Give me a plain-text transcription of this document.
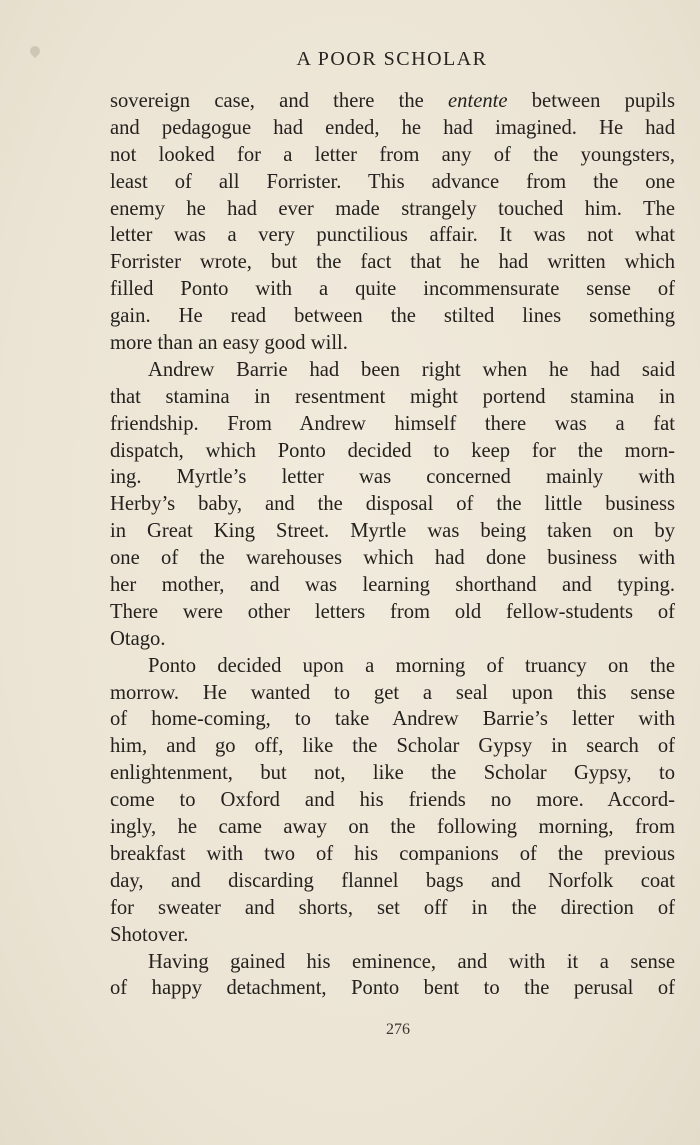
A POOR SCHOLAR
sovereign case, and there the entente between pupils
and pedagogue had ended, he had imagined. He had
not looked for a letter from any of the youngsters,
least of all Forrister. This advance from the one
enemy he had ever made strangely touched him. The
letter was a very punctilious affair. It was not what
Forrister wrote, but the fact that he had written which
filled Ponto with a quite incommensurate sense of
gain. He read between the stilted lines something
more than an easy good will.
Andrew Barrie had been right when he had said
that stamina in resentment might portend stamina in
friendship. From Andrew himself there was a fat
dispatch, which Ponto decided to keep for the morn-
ing. Myrtle’s letter was concerned mainly with
Herby’s baby, and the disposal of the little business
in Great King Street. Myrtle was being taken on by
one of the warehouses which had done business with
her mother, and was learning shorthand and typing.
There were other letters from old fellow-students of
Otago.
Ponto decided upon a morning of truancy on the
morrow. He wanted to get a seal upon this sense
of home-coming, to take Andrew Barrie’s letter with
him, and go off, like the Scholar Gypsy in search of
enlightenment, but not, like the Scholar Gypsy, to
come to Oxford and his friends no more. Accord-
ingly, he came away on the following morning, from
breakfast with two of his companions of the previous
day, and discarding flannel bags and Norfolk coat
for sweater and shorts, set off in the direction of
Shotover.
Having gained his eminence, and with it a sense
of happy detachment, Ponto bent to the perusal of
276
